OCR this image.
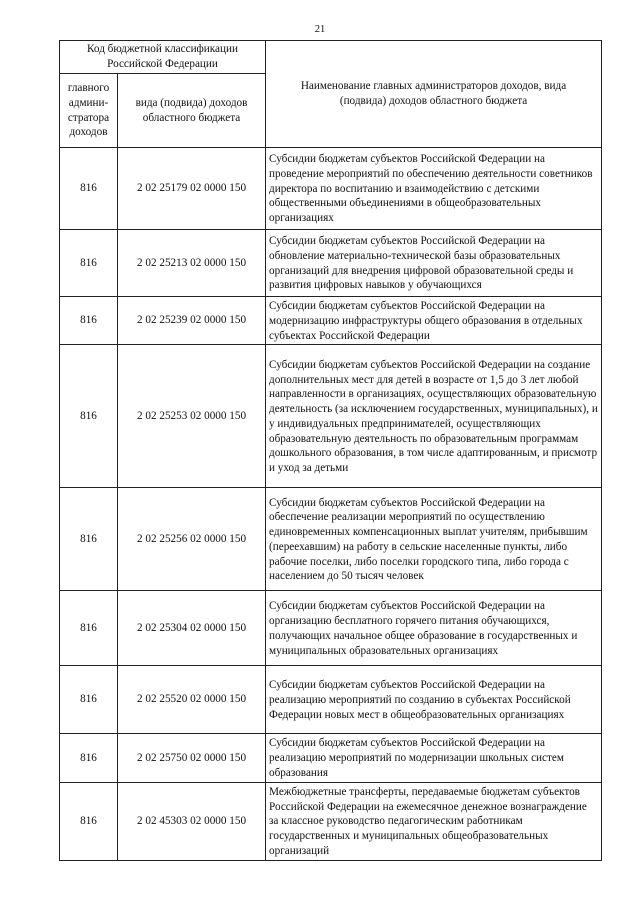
21
Код бюджетной классификации Российской Федерации		Наименование главных администраторов доходов, вида (подвида) доходов областного бюджета
главного админи-стратора доходов	вида (подвида) доходов областного бюджета	
816	2 02 25179 02 0000 150	Субсидии бюджетам субъектов Российской Федерации на проведение мероприятий по обеспечению деятельности советников директора по воспитанию и взаимодействию с детскими общественными объединениями в общеобразовательных организациях
816	2 02 25213 02 0000 150	Субсидии бюджетам субъектов Российской Федерации на обновление материально-технической базы образовательных организаций для внедрения цифровой образовательной среды и развития цифровых навыков у обучающихся
816	2 02 25239 02 0000 150	Субсидии бюджетам субъектов Российской Федерации на модернизацию инфраструктуры общего образования в отдельных субъектах Российской Федерации
816	2 02 25253 02 0000 150	Субсидии бюджетам субъектов Российской Федерации на создание дополнительных мест для детей в возрасте от 1,5 до 3 лет любой направленности в организациях, осуществляющих образовательную деятельность (за исключением государственных, муниципальных), и у индивидуальных предпринимателей, осуществляющих образовательную деятельность по образовательным программам дошкольного образования, в том числе адаптированным, и присмотр и уход за детьми
816	2 02 25256 02 0000 150	Субсидии бюджетам субъектов Российской Федерации на обеспечение реализации мероприятий по осуществлению единовременных компенсационных выплат учителям, прибывшим (переехавшим) на работу в сельские населенные пункты, либо рабочие поселки, либо поселки городского типа, либо города с населением до 50 тысяч человек
816	2 02 25304 02 0000 150	Субсидии бюджетам субъектов Российской Федерации на организацию бесплатного горячего питания обучающихся, получающих начальное общее образование в государственных и муниципальных образовательных организациях
816	2 02 25520 02 0000 150	Субсидии бюджетам субъектов Российской Федерации на реализацию мероприятий по созданию в субъектах Российской Федерации новых мест в общеобразовательных организациях
816	2 02 25750 02 0000 150	Субсидии бюджетам субъектов Российской Федерации на реализацию мероприятий по модернизации школьных систем образования
816	2 02 45303 02 0000 150	Межбюджетные трансферты, передаваемые бюджетам субъектов Российской Федерации на ежемесячное денежное вознаграждение за классное руководство педагогическим работникам государственных и муниципальных общеобразовательных организаций
